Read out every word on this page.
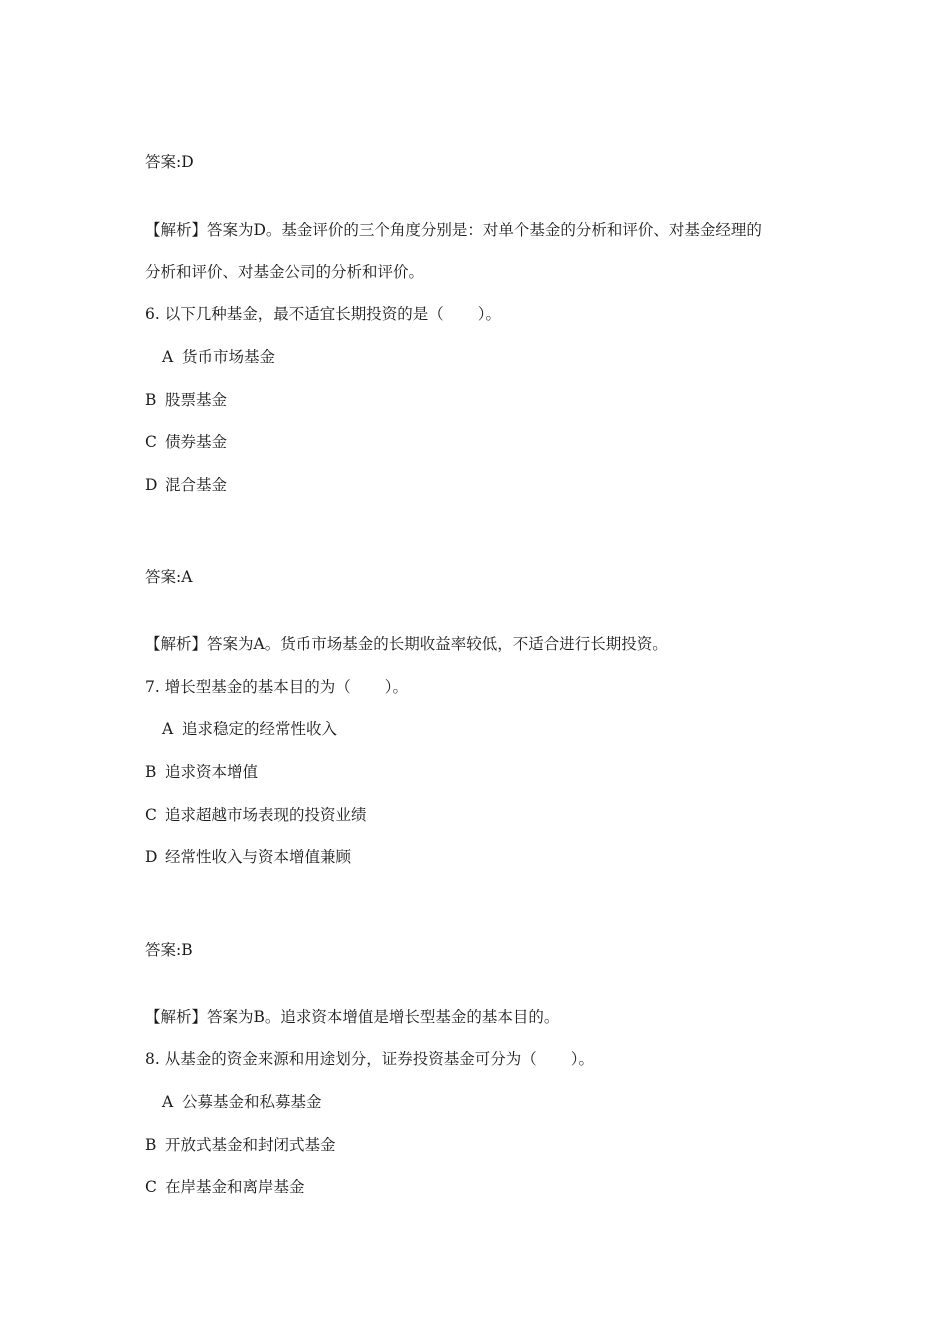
答案:D
【解析】答案为D。基金评价的三个角度分别是：对单个基金的分析和评价、对基金经理的
分析和评价、对基金公司的分析和评价。
6. 以下几种基金，最不适宜长期投资的是（ ）。
A 货币市场基金
B 股票基金
C 债券基金
D 混合基金
答案:A
【解析】答案为A。货币市场基金的长期收益率较低，不适合进行长期投资。
7. 增长型基金的基本目的为（ ）。
A 追求稳定的经常性收入
B 追求资本增值
C 追求超越市场表现的投资业绩
D 经常性收入与资本增值兼顾
答案:B
【解析】答案为B。追求资本增值是增长型基金的基本目的。
8. 从基金的资金来源和用途划分，证券投资基金可分为（ ）。
A 公募基金和私募基金
B 开放式基金和封闭式基金
C 在岸基金和离岸基金
